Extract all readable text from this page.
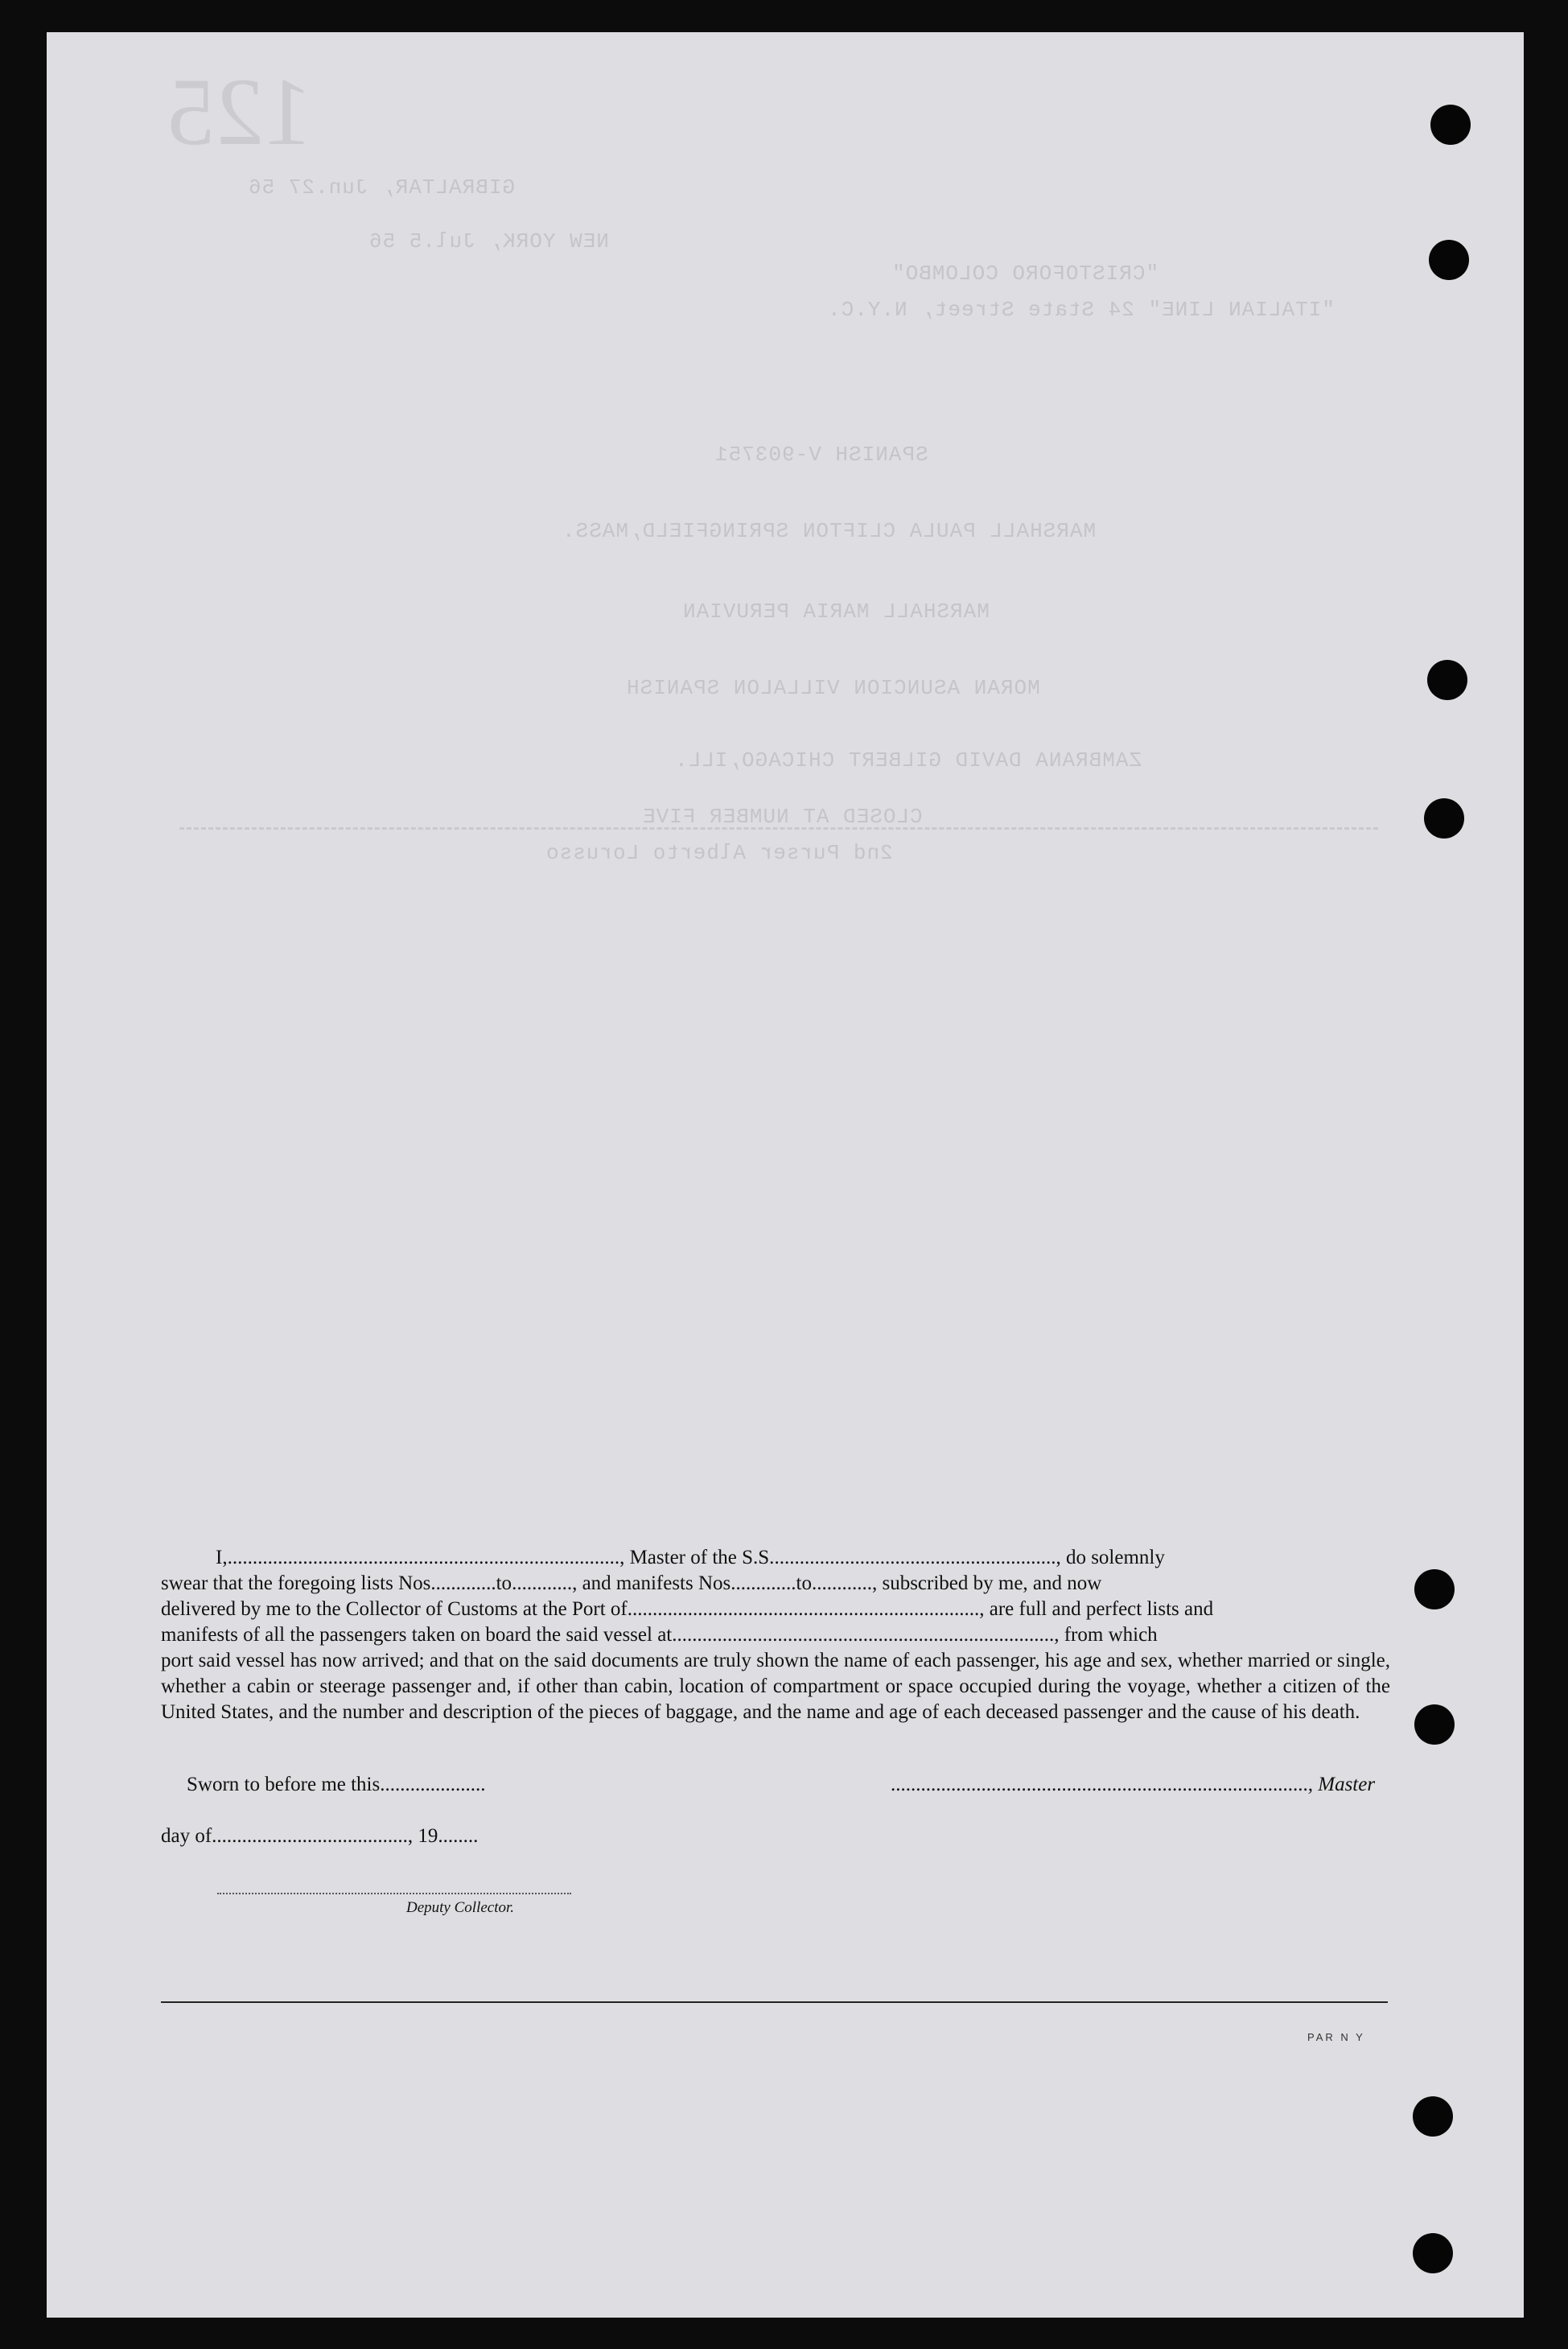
125
GIBRALTAR, Jun.27 56
NEW YORK, Jul.5 56
"CRISTOFORO COLOMBO"
"ITALIAN LINE" 24 State Street, N.Y.C.
SPANISH V-903751
MARSHALL PAULA CLIFTON SPRINGFIELD,MASS.
MARSHALL MARIA PERUVIAN
MORAN ASUNCION VILLALON SPANISH
ZAMBRANA DAVID GILBERT CHICAGO,ILL.
CLOSED AT NUMBER FIVE
2nd Purser Alberto Lorusso
I,.............................................................................., Master of the S.S........................................................., do solemnly
swear that the foregoing lists Nos.............to............, and manifests Nos.............to............, subscribed by me, and now
delivered by me to the Collector of Customs at the Port of......................................................................, are full and perfect lists and
manifests of all the passengers taken on board the said vessel at............................................................................, from which
port said vessel has now arrived; and that on the said documents are truly shown the name of each passenger, his age and sex, whether married or single, whether a cabin or steerage passenger and, if other than cabin, location of compartment or space occupied during the voyage, whether a citizen of the United States, and the number and description of the pieces of baggage, and the name and age of each deceased passenger and the cause of his death.
Sworn to before me this.....................	..................................................................................., Master
day of......................................., 19........
Deputy Collector.
PAR N Y
